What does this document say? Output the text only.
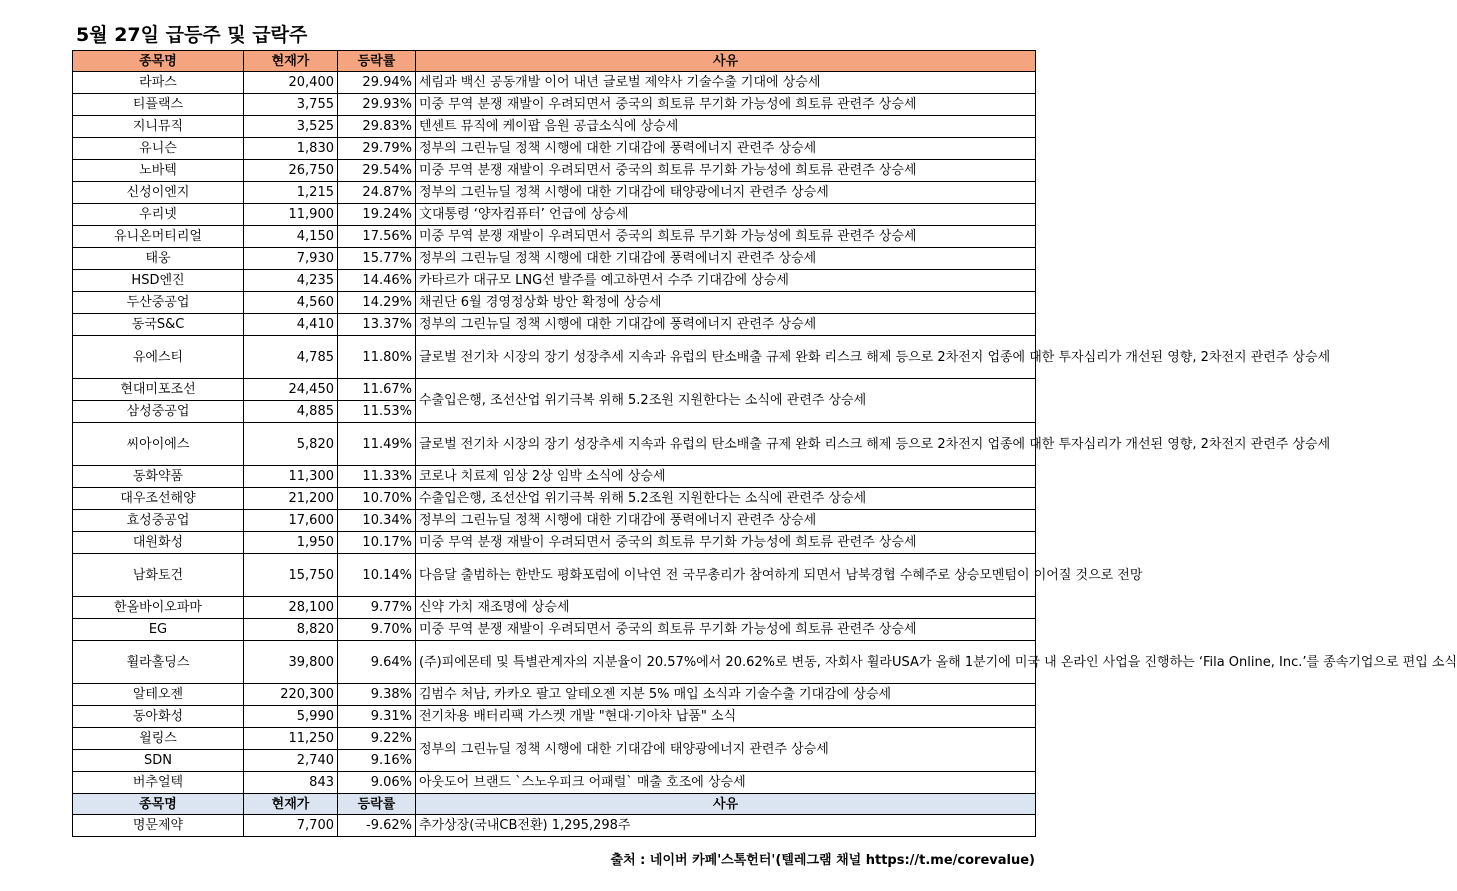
5월 27일 급등주 및 급락주
종목명	현재가	등락률	사유
라파스	20,400	29.94%	세림과 백신 공동개발 이어 내년 글로벌 제약사 기술수출 기대에 상승세
티플랙스	3,755	29.93%	미중 무역 분쟁 재발이 우려되면서 중국의 희토류 무기화 가능성에 희토류 관련주 상승세
지니뮤직	3,525	29.83%	텐센트 뮤직에 케이팝 음원 공급소식에 상승세
유니슨	1,830	29.79%	정부의 그린뉴딜 정책 시행에 대한 기대감에 풍력에너지 관련주 상승세
노바텍	26,750	29.54%	미중 무역 분쟁 재발이 우려되면서 중국의 희토류 무기화 가능성에 희토류 관련주 상승세
신성이엔지	1,215	24.87%	정부의 그린뉴딜 정책 시행에 대한 기대감에 태양광에너지 관련주 상승세
우리넷	11,900	19.24%	文대통령 ‘양자컴퓨터’ 언급에 상승세
유니온머티리얼	4,150	17.56%	미중 무역 분쟁 재발이 우려되면서 중국의 희토류 무기화 가능성에 희토류 관련주 상승세
태웅	7,930	15.77%	정부의 그린뉴딜 정책 시행에 대한 기대감에 풍력에너지 관련주 상승세
HSD엔진	4,235	14.46%	카타르가 대규모 LNG선 발주를 예고하면서 수주 기대감에 상승세
두산중공업	4,560	14.29%	채권단 6월 경영정상화 방안 확정에 상승세
동국S&C	4,410	13.37%	정부의 그린뉴딜 정책 시행에 대한 기대감에 풍력에너지 관련주 상승세
유에스티	4,785	11.80%	글로벌 전기차 시장의 장기 성장추세 지속과 유럽의 탄소배출 규제 완화 리스크 해제 등으로 2차전지 업종에 대한 투자심리가 개선된 영향, 2차전지 관련주 상승세
현대미포조선	24,450	11.67%	수출입은행, 조선산업 위기극복 위해 5.2조원 지원한다는 소식에 관련주 상승세
삼성중공업	4,885	11.53%	
씨아이에스	5,820	11.49%	글로벌 전기차 시장의 장기 성장추세 지속과 유럽의 탄소배출 규제 완화 리스크 해제 등으로 2차전지 업종에 대한 투자심리가 개선된 영향, 2차전지 관련주 상승세
동화약품	11,300	11.33%	코로나 치료제 임상 2상 임박 소식에 상승세
대우조선해양	21,200	10.70%	수출입은행, 조선산업 위기극복 위해 5.2조원 지원한다는 소식에 관련주 상승세
효성중공업	17,600	10.34%	정부의 그린뉴딜 정책 시행에 대한 기대감에 풍력에너지 관련주 상승세
대원화성	1,950	10.17%	미중 무역 분쟁 재발이 우려되면서 중국의 희토류 무기화 가능성에 희토류 관련주 상승세
남화토건	15,750	10.14%	다음달 출범하는 한반도 평화포럼에 이낙연 전 국무총리가 참여하게 되면서 남북경협 수혜주로 상승모멘텀이 이어질 것으로 전망
한올바이오파마	28,100	9.77%	신약 가치 재조명에 상승세
EG	8,820	9.70%	미중 무역 분쟁 재발이 우려되면서 중국의 희토류 무기화 가능성에 희토류 관련주 상승세
휠라홀딩스	39,800	9.64%	(주)피에몬테 및 특별관계자의 지분율이 20.57%에서 20.62%로 변동, 자회사 휠라USA가 올해 1분기에 미국 내 온라인 사업을 진행하는 ‘Fila Online, Inc.’를 종속기업으로 편입 소식
알테오젠	220,300	9.38%	김범수 처남, 카카오 팔고 알테오젠 지분 5% 매입 소식과 기술수출 기대감에 상승세
동아화성	5,990	9.31%	전기차용 배터리팩 가스켓 개발 "현대·기아차 납품" 소식
윌링스	11,250	9.22%	정부의 그린뉴딜 정책 시행에 대한 기대감에 태양광에너지 관련주 상승세
SDN	2,740	9.16%	
버추얼텍	843	9.06%	아웃도어 브랜드 `스노우피크 어패럴` 매출 호조에 상승세
종목명	현재가	등락률	사유
명문제약	7,700	-9.62%	추가상장(국내CB전환) 1,295,298주
출처 : 네이버 카페'스톡헌터'(텔레그램 채널 https://t.me/corevalue)
